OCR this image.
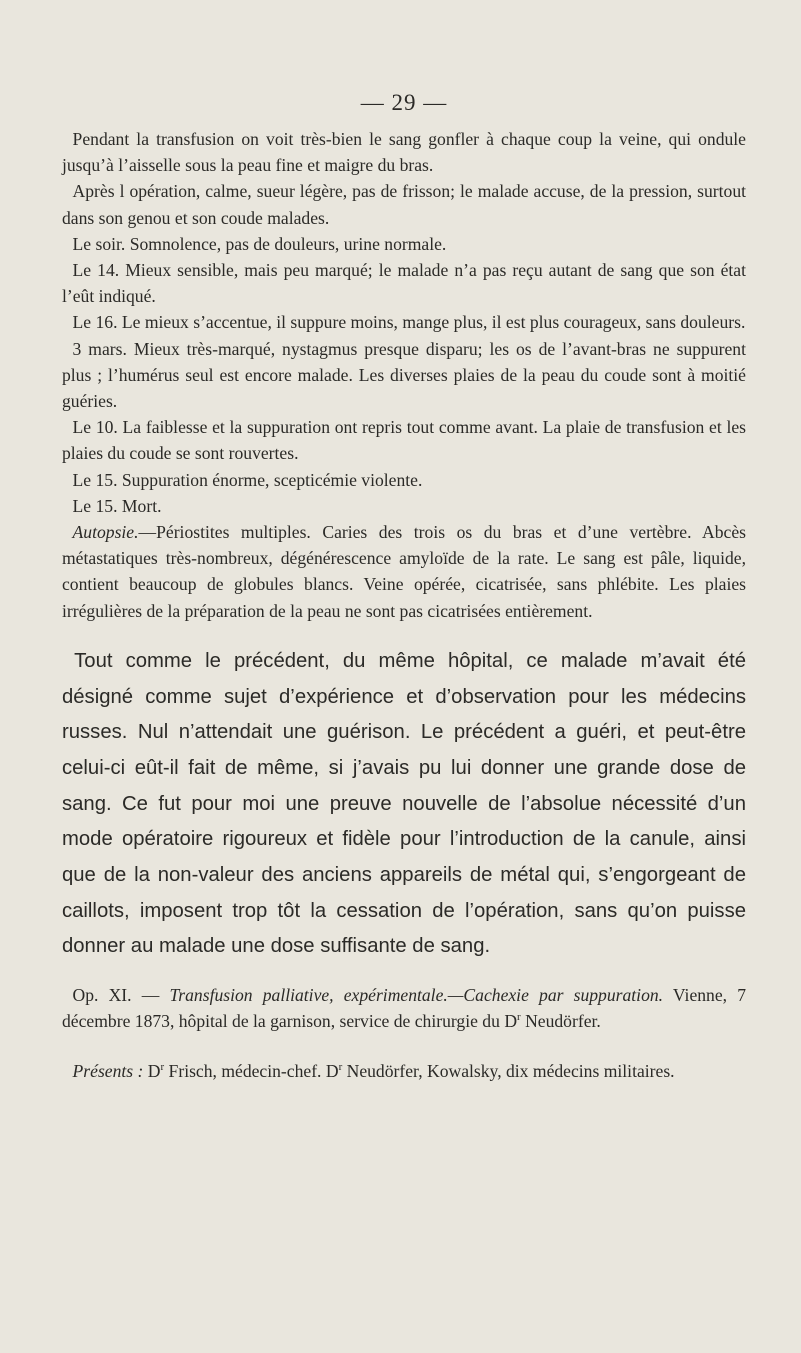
— 29 —

Pendant la transfusion on voit très-bien le sang gonfler à chaque coup la veine, qui ondule jusqu’à l’aisselle sous la peau fine et maigre du bras.

Après l opération, calme, sueur légère, pas de frisson; le malade accuse, de la pression, surtout dans son genou et son coude malades.

Le soir. Somnolence, pas de douleurs, urine normale.

Le 14. Mieux sensible, mais peu marqué; le malade n’a pas reçu autant de sang que son état l’eût indiqué.

Le 16. Le mieux s’accentue, il suppure moins, mange plus, il est plus courageux, sans douleurs.

3 mars. Mieux très-marqué, nystagmus presque disparu; les os de l’avant-bras ne suppurent plus ; l’humérus seul est encore malade. Les diverses plaies de la peau du coude sont à moitié guéries.

Le 10. La faiblesse et la suppuration ont repris tout comme avant. La plaie de transfusion et les plaies du coude se sont rouvertes.

Le 15. Suppuration énorme, scepticémie violente.

Le 15. Mort.

Autopsie.—Périostites multiples. Caries des trois os du bras et d’une vertèbre. Abcès métastatiques très-nombreux, dégénérescence amyloïde de la rate. Le sang est pâle, liquide, contient beaucoup de globules blancs. Veine opérée, cicatrisée, sans phlébite. Les plaies irrégulières de la préparation de la peau ne sont pas cicatrisées entièrement.

Tout comme le précédent, du même hôpital, ce malade m’avait été désigné comme sujet d’expérience et d’observation pour les médecins russes. Nul n’attendait une guérison. Le précédent a guéri, et peut-être celui-ci eût-il fait de même, si j’avais pu lui donner une grande dose de sang. Ce fut pour moi une preuve nouvelle de l’absolue nécessité d’un mode opératoire rigoureux et fidèle pour l’introduction de la canule, ainsi que de la non-valeur des anciens appareils de métal qui, s’engorgeant de caillots, imposent trop tôt la cessation de l’opération, sans qu’on puisse donner au malade une dose suffisante de sang.

Op. XI. — Transfusion palliative, expérimentale.—Cachexie par suppuration. Vienne, 7 décembre 1873, hôpital de la garnison, service de chirurgie du $D^r$ Neudörfer.

Présents : $D^r$ Frisch, médecin-chef. $D^r$ Neudörfer, Kowalsky, dix médecins militaires.
